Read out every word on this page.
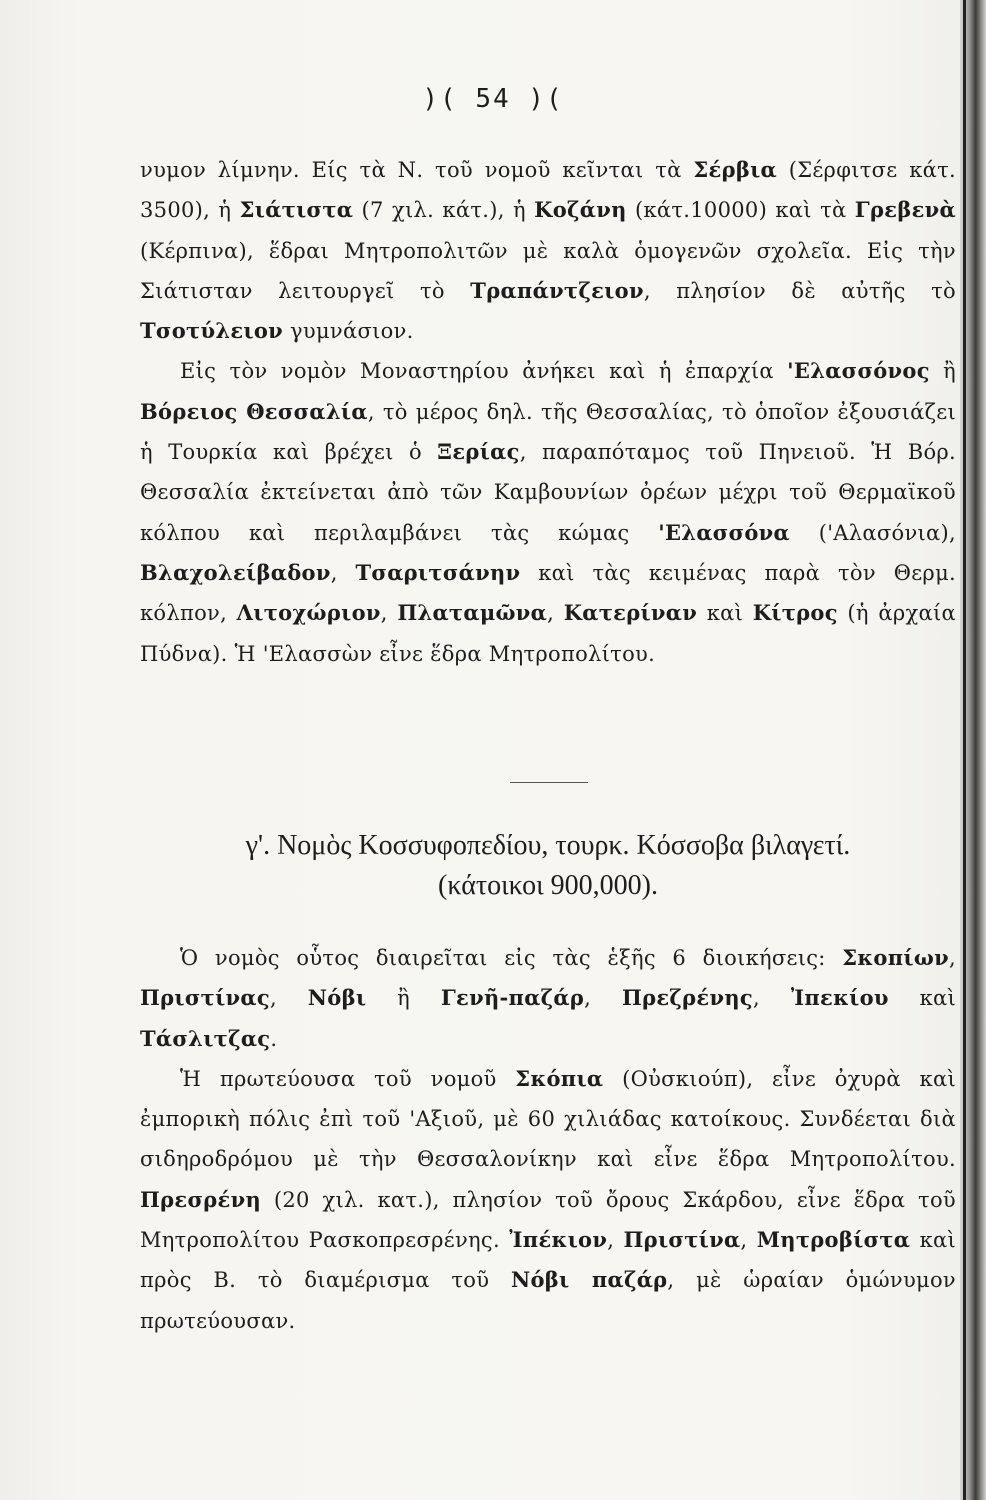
)( 54 )(

νυμον λίμνην. Είς τὰ Ν. τοῦ νομοῦ κεῖνται τὰ Σέρβια (Σέρφιτσε κάτ. 3500), ἡ Σιάτιστα (7 χιλ. κάτ.), ἡ Κοζάνη (κάτ.10000) καὶ τὰ Γρεβενὰ (Κέρπινα), ἕδραι Μητροπολιτῶν μὲ καλὰ ὁμογενῶν σχολεῖα. Εἰς τὴν Σιάτισταν λειτουργεῖ τὸ Τραπάντζειον, πλησίον δὲ αὐτῆς τὸ Τσοτύλειον γυμνάσιον.

Εἰς τὸν νομὸν Μοναστηρίου ἀνήκει καὶ ἡ ἐπαρχία 'Ελασσόνος ἢ Βόρειος Θεσσαλία, τὸ μέρος δηλ. τῆς Θεσσαλίας, τὸ ὁποῖον ἐξουσιάζει ἡ Τουρκία καὶ βρέχει ὁ Ξερίας, παραπόταμος τοῦ Πηνειοῦ. Ἡ Βόρ. Θεσσαλία ἐκτείνεται ἀπὸ τῶν Καμβουνίων ὀρέων μέχρι τοῦ Θερμαϊκοῦ κόλπου καὶ περιλαμβάνει τὰς κώμας 'Ελασσόνα ('Αλασόνια), Βλαχολείβαδον, Τσαριτσάνην καὶ τὰς κειμένας παρὰ τὸν Θερμ. κόλπον, Λιτοχώριον, Πλαταμῶνα, Κατερίναν καὶ Κίτρος (ἡ ἀρχαία Πύδνα). Ἡ 'Ελασσὼν εἶνε ἕδρα Μητροπολίτου.

γ'. Νομὸς Κοσσυφοπεδίου, τουρκ. Κόσσοβα βιλαγετί.
(κάτοικοι 900,000).

Ὁ νομὸς οὗτος διαιρεῖται εἰς τὰς ἑξῆς 6 διοικήσεις: Σκοπίων, Πριστίνας, Νόβι ἢ Γενῆ-παζάρ, Πρεζρένης, Ἰπεκίου καὶ Τάσλιτζας.

Ἡ πρωτεύουσα τοῦ νομοῦ Σκόπια (Οὐσκιούπ), εἶνε ὀχυρὰ καὶ ἐμπορικὴ πόλις ἐπὶ τοῦ 'Αξιοῦ, μὲ 60 χιλιάδας κατοίκους. Συνδέεται διὰ σιδηροδρόμου μὲ τὴν Θεσσαλονίκην καὶ εἶνε ἕδρα Μητροπολίτου. Πρεσρένη (20 χιλ. κατ.), πλησίον τοῦ ὄρους Σκάρδου, εἶνε ἕδρα τοῦ Μητροπολίτου Ρασκοπρεσρένης. Ἰπέκιον, Πριστίνα, Μητροβίστα καὶ πρὸς Β. τὸ διαμέρισμα τοῦ Νόβι παζάρ, μὲ ὡραίαν ὁμώνυμον πρωτεύουσαν.
